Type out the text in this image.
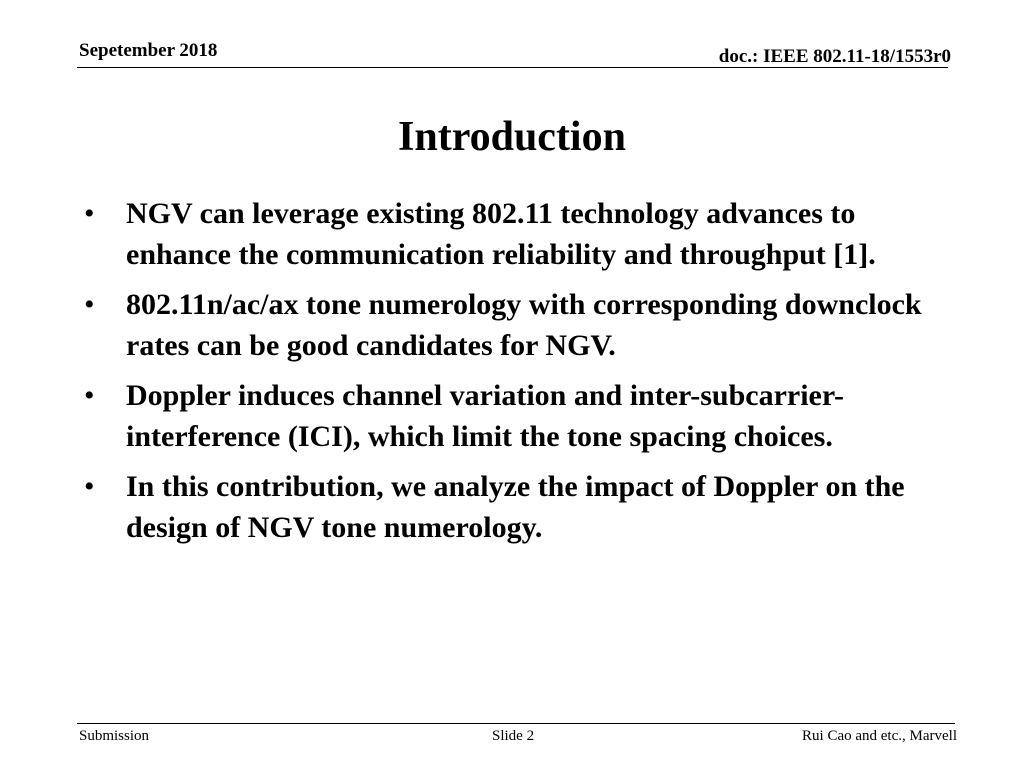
Sepetember 2018	doc.: IEEE 802.11-18/1553r0
Introduction
• NGV can leverage existing 802.11 technology advances to enhance the communication reliability and throughput [1].
• 802.11n/ac/ax tone numerology with corresponding downclock rates can be good candidates for NGV.
• Doppler induces channel variation and inter-subcarrier-interference (ICI), which limit the tone spacing choices.
• In this contribution, we analyze the impact of Doppler on the design of NGV tone numerology.
Submission	Slide 2	Rui Cao and etc., Marvell
